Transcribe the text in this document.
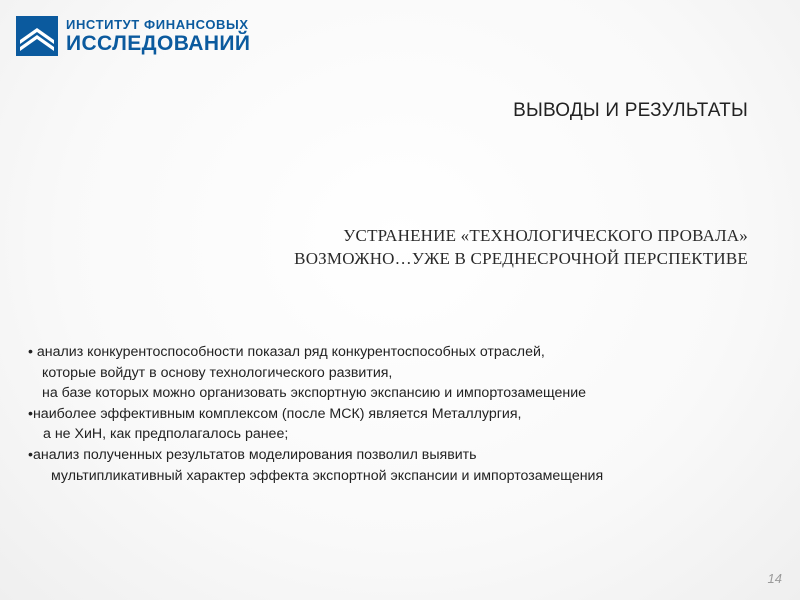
ИНСТИТУТ ФИНАНСОВЫХ
ИССЛЕДОВАНИЙ
ВЫВОДЫ И РЕЗУЛЬТАТЫ
УСТРАНЕНИЕ «ТЕХНОЛОГИЧЕСКОГО ПРОВАЛА»
ВОЗМОЖНО…УЖЕ В СРЕДНЕСРОЧНОЙ ПЕРСПЕКТИВЕ
• анализ конкурентоспособности показал ряд конкурентоспособных отраслей,
которые войдут в основу технологического развития,
на базе которых можно организовать экспортную экспансию и импортозамещение
•наиболее эффективным комплексом (после МСК) является Металлургия,
а не ХиН, как предполагалось ранее;
•анализ полученных результатов моделирования позволил выявить
мультипликативный характер эффекта экспортной экспансии и импортозамещения
14
